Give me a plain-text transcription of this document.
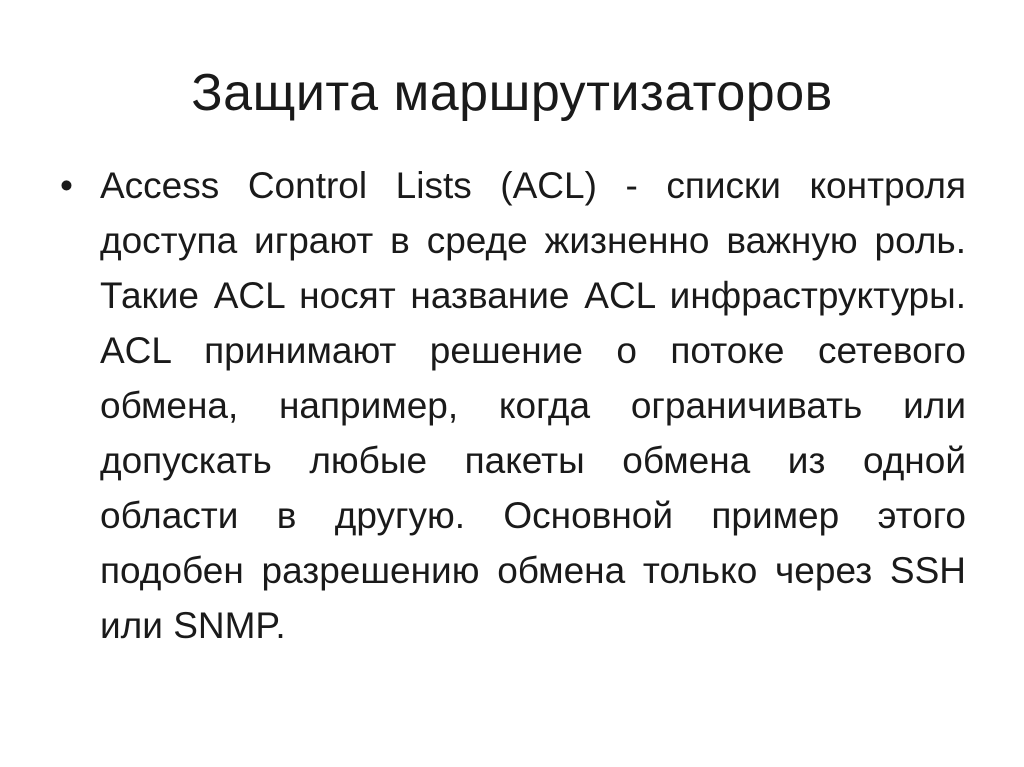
Защита маршрутизаторов
• Access Control Lists (ACL) - списки контроля доступа играют в среде жизненно важную роль. Такие ACL носят название ACL инфраструктуры. ACL принимают решение о потоке сетевого обмена, например, когда ограничивать или допускать любые пакеты обмена из одной области в другую. Основной пример этого подобен разрешению обмена только через SSH или SNMP.
